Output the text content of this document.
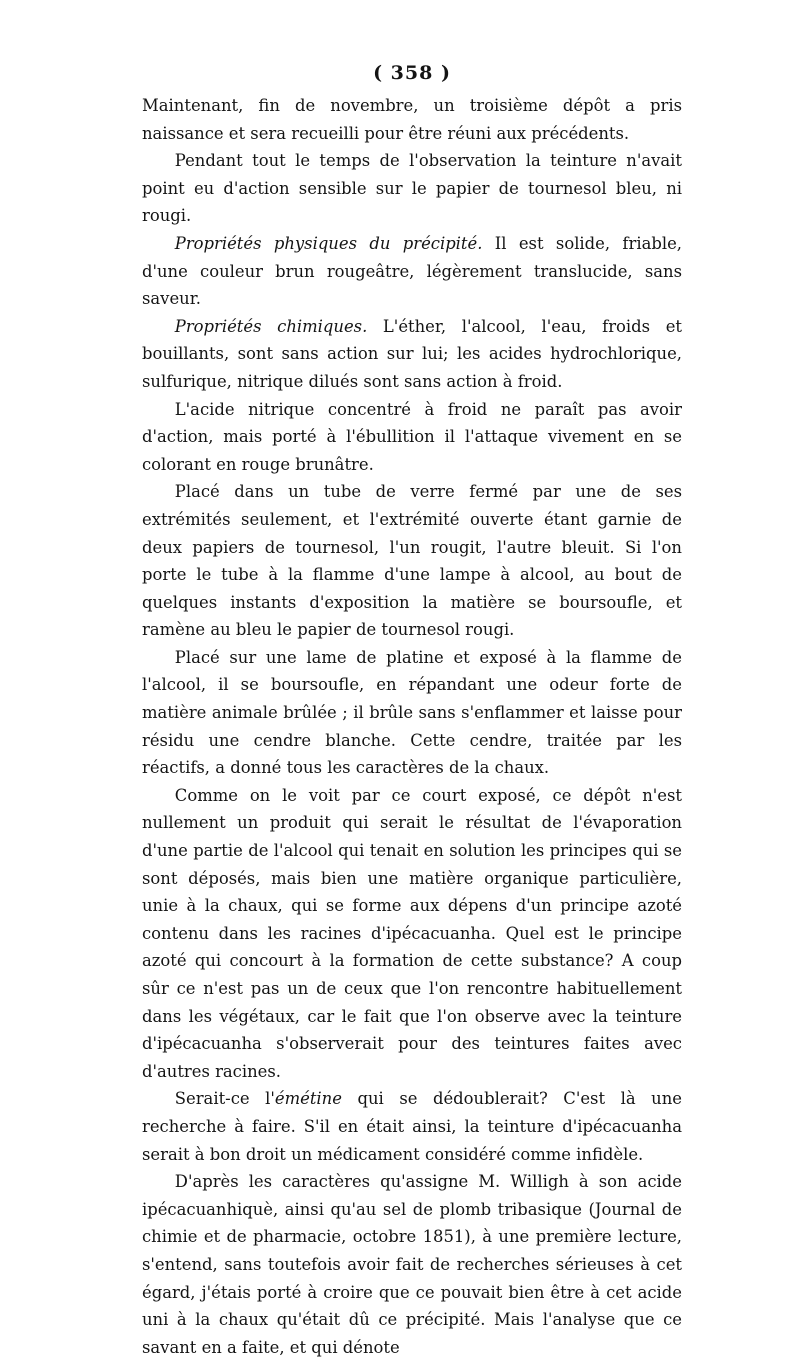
( 358 )

Maintenant, fin de novembre, un troisième dépôt a pris naissance et sera recueilli pour être réuni aux précédents.

Pendant tout le temps de l'observation la teinture n'avait point eu d'action sensible sur le papier de tournesol bleu, ni rougi.

Propriétés physiques du précipité. Il est solide, friable, d'une couleur brun rougeâtre, légèrement translucide, sans saveur.

Propriétés chimiques. L'éther, l'alcool, l'eau, froids et bouillants, sont sans action sur lui; les acides hydrochlorique, sulfurique, nitrique dilués sont sans action à froid.

L'acide nitrique concentré à froid ne paraît pas avoir d'action, mais porté à l'ébullition il l'attaque vivement en se colorant en rouge brunâtre.

Placé dans un tube de verre fermé par une de ses extrémités seulement, et l'extrémité ouverte étant garnie de deux papiers de tournesol, l'un rougit, l'autre bleuit. Si l'on porte le tube à la flamme d'une lampe à alcool, au bout de quelques instants d'exposition la matière se boursoufle, et ramène au bleu le papier de tournesol rougi.

Placé sur une lame de platine et exposé à la flamme de l'alcool, il se boursoufle, en répandant une odeur forte de matière animale brûlée ; il brûle sans s'enflammer et laisse pour résidu une cendre blanche. Cette cendre, traitée par les réactifs, a donné tous les caractères de la chaux.

Comme on le voit par ce court exposé, ce dépôt n'est nullement un produit qui serait le résultat de l'évaporation d'une partie de l'alcool qui tenait en solution les principes qui se sont déposés, mais bien une matière organique particulière, unie à la chaux, qui se forme aux dépens d'un principe azoté contenu dans les racines d'ipécacuanha. Quel est le principe azoté qui concourt à la formation de cette substance? A coup sûr ce n'est pas un de ceux que l'on rencontre habituellement dans les végétaux, car le fait que l'on observe avec la teinture d'ipécacuanha s'observerait pour des teintures faites avec d'autres racines.

Serait-ce l'émétine qui se dédoublerait? C'est là une recherche à faire. S'il en était ainsi, la teinture d'ipécacuanha serait à bon droit un médicament considéré comme infidèle.

D'après les caractères qu'assigne M. Willigh à son acide ipécacuanhiquè, ainsi qu'au sel de plomb tribasique (Journal de chimie et de pharmacie, octobre 1851), à une première lecture, s'entend, sans toutefois avoir fait de recherches sérieuses à cet égard, j'étais porté à croire que ce pouvait bien être à cet acide uni à la chaux qu'était dû ce précipité. Mais l'analyse que ce savant en a faite, et qui dénote
